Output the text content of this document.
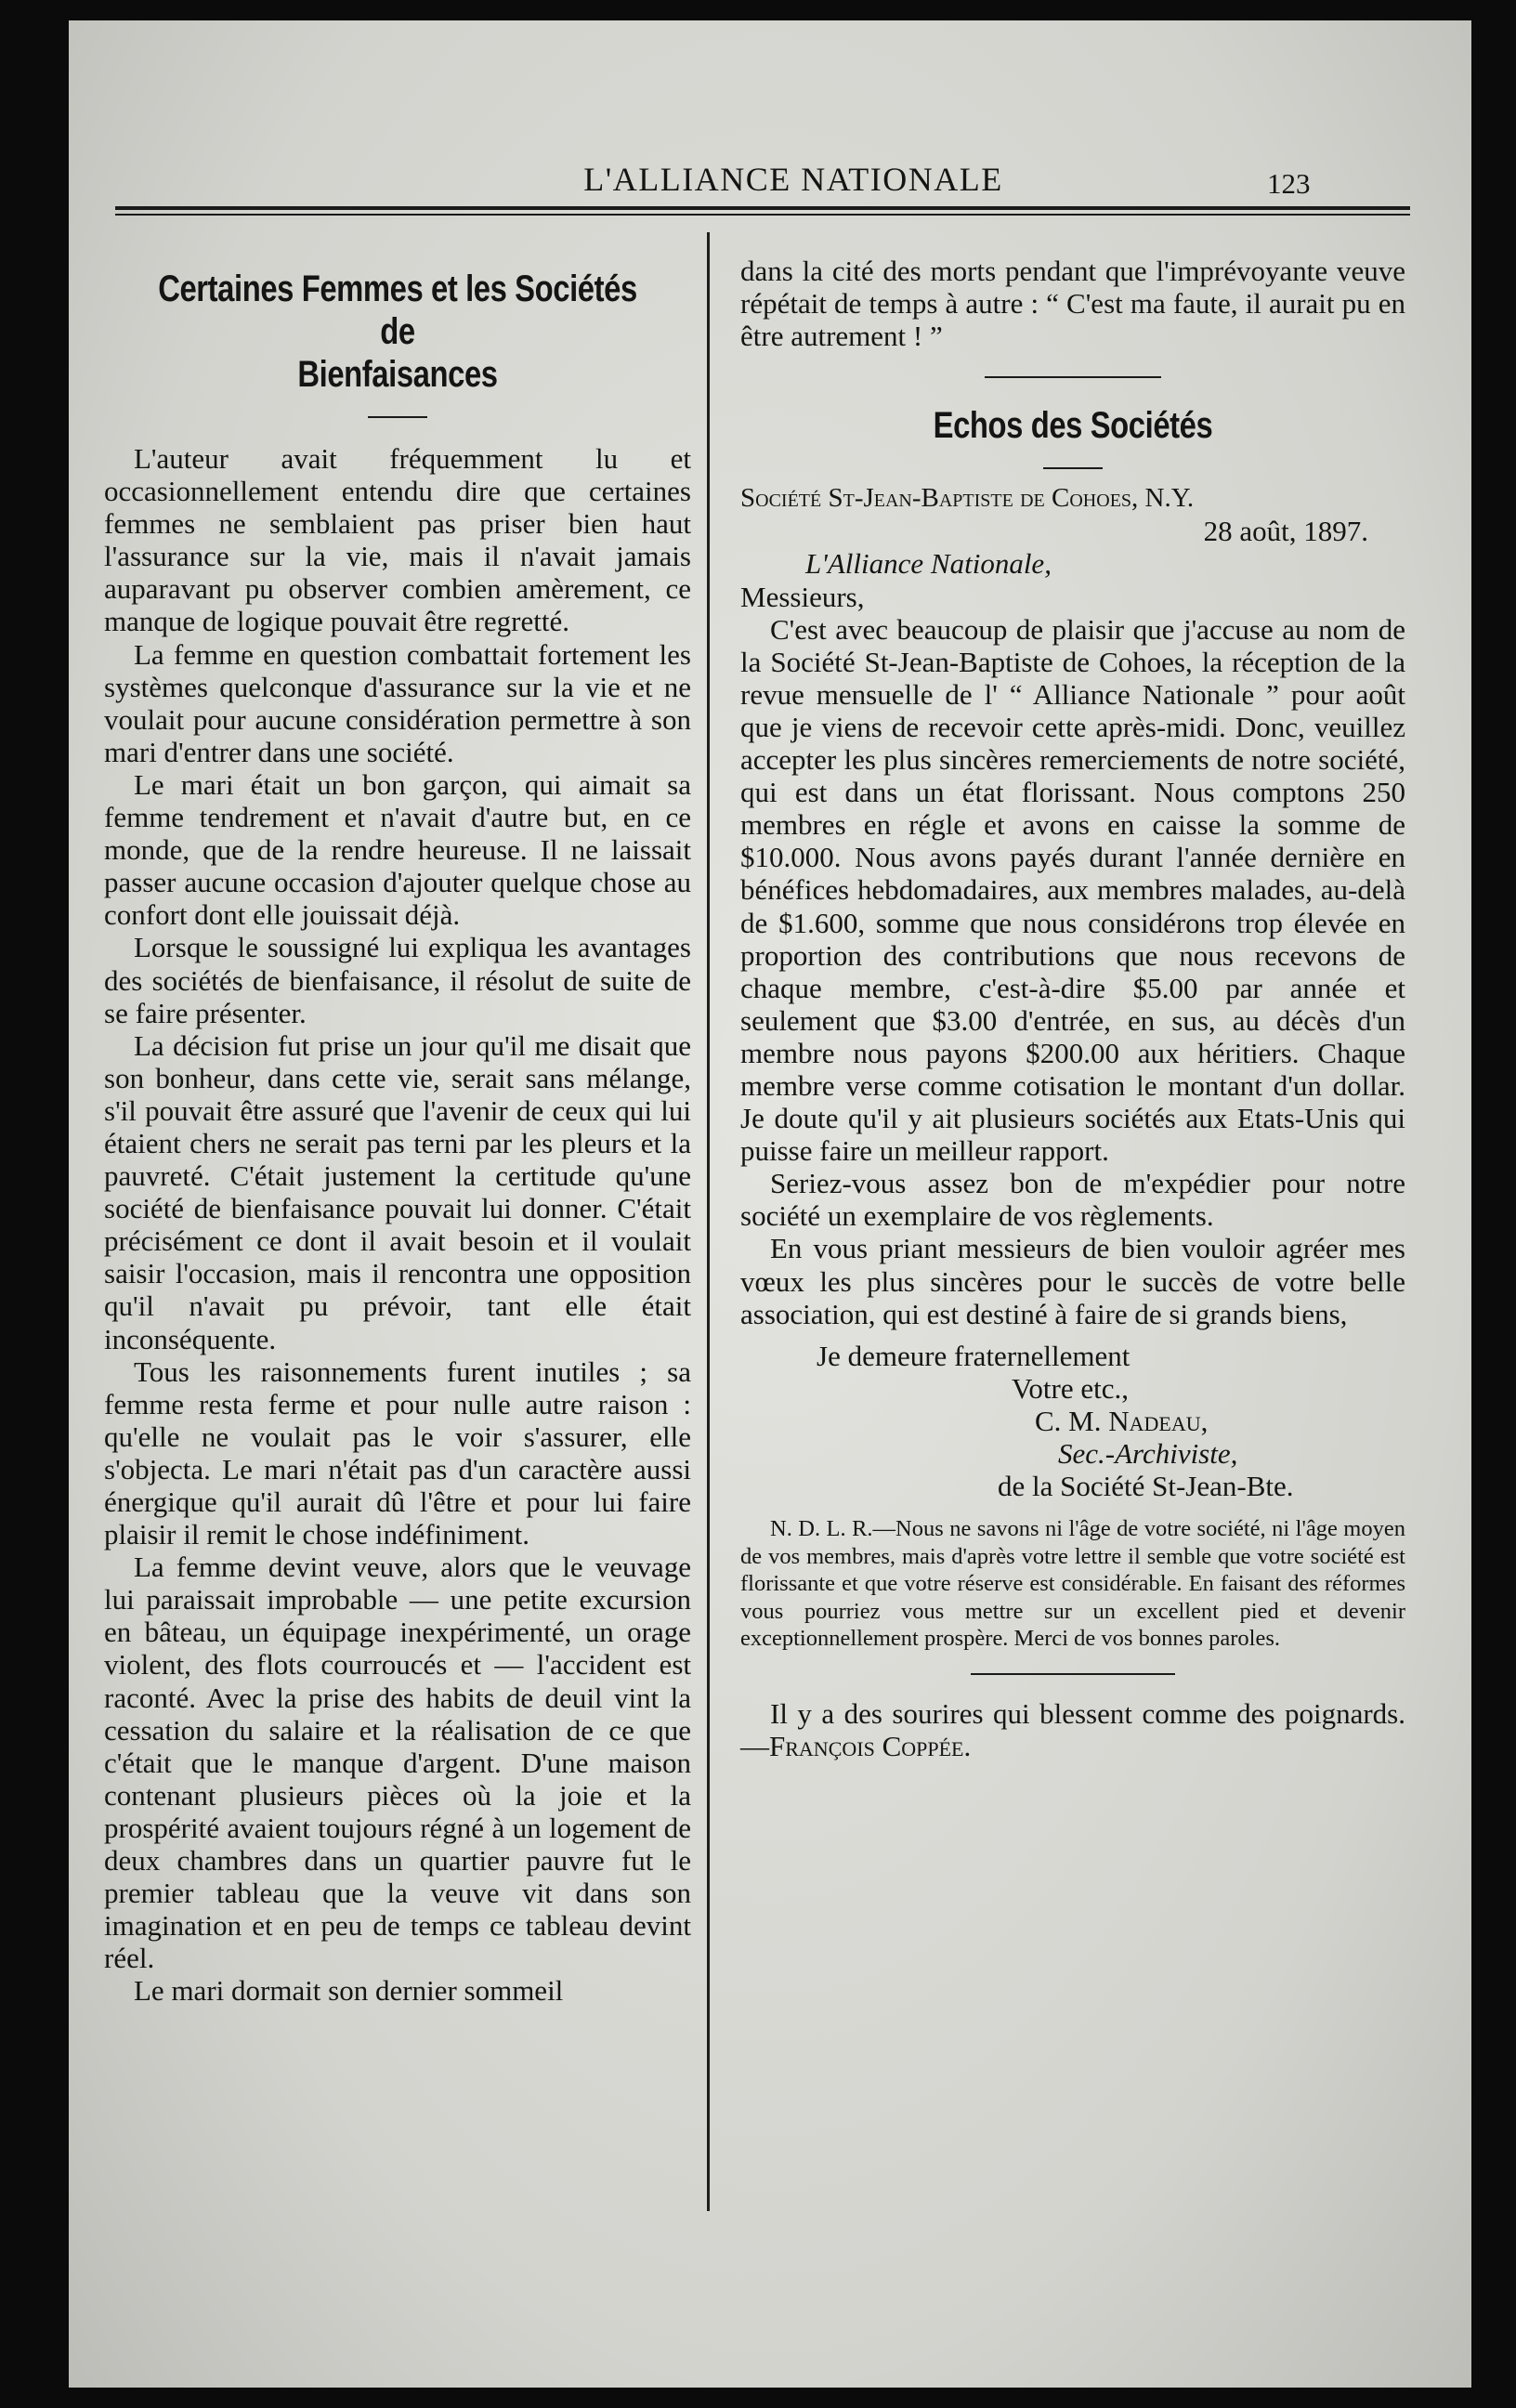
L'ALLIANCE NATIONALE	123
Certaines Femmes et les Sociétés de
Bienfaisances

L'auteur avait fréquemment lu et occasionnellement entendu dire que certaines femmes ne semblaient pas priser bien haut l'assurance sur la vie, mais il n'avait jamais auparavant pu observer combien amèrement, ce manque de logique pouvait être regretté.

La femme en question combattait fortement les systèmes quelconque d'assurance sur la vie et ne voulait pour aucune considération permettre à son mari d'entrer dans une société.

Le mari était un bon garçon, qui aimait sa femme tendrement et n'avait d'autre but, en ce monde, que de la rendre heureuse. Il ne laissait passer aucune occasion d'ajouter quelque chose au confort dont elle jouissait déjà.

Lorsque le soussigné lui expliqua les avantages des sociétés de bienfaisance, il résolut de suite de se faire présenter.

La décision fut prise un jour qu'il me disait que son bonheur, dans cette vie, serait sans mélange, s'il pouvait être assuré que l'avenir de ceux qui lui étaient chers ne serait pas terni par les pleurs et la pauvreté. C'était justement la certitude qu'une société de bienfaisance pouvait lui donner. C'était précisément ce dont il avait besoin et il voulait saisir l'occasion, mais il rencontra une opposition qu'il n'avait pu prévoir, tant elle était inconséquente.

Tous les raisonnements furent inutiles ; sa femme resta ferme et pour nulle autre raison : qu'elle ne voulait pas le voir s'assurer, elle s'objecta. Le mari n'était pas d'un caractère aussi énergique qu'il aurait dû l'être et pour lui faire plaisir il remit le chose indéfiniment.

La femme devint veuve, alors que le veuvage lui paraissait improbable — une petite excursion en bâteau, un équipage inexpérimenté, un orage violent, des flots courroucés et — l'accident est raconté. Avec la prise des habits de deuil vint la cessation du salaire et la réalisation de ce que c'était que le manque d'argent. D'une maison contenant plusieurs pièces où la joie et la prospérité avaient toujours régné à un logement de deux chambres dans un quartier pauvre fut le premier tableau que la veuve vit dans son imagination et en peu de temps ce tableau devint réel.

Le mari dormait son dernier sommeil

dans la cité des morts pendant que l'imprévoyante veuve répétait de temps à autre : “ C'est ma faute, il aurait pu en être autrement ! ”

Echos des Sociétés

Société St-Jean-Baptiste de Cohoes, N.Y.

28 août, 1897.

L'Alliance Nationale,

Messieurs,

C'est avec beaucoup de plaisir que j'accuse au nom de la Société St-Jean-Baptiste de Cohoes, la réception de la revue mensuelle de l' “ Alliance Nationale ” pour août que je viens de recevoir cette après-midi. Donc, veuillez accepter les plus sincères remerciements de notre société, qui est dans un état florissant. Nous comptons 250 membres en régle et avons en caisse la somme de $10.000. Nous avons payés durant l'année dernière en bénéfices hebdomadaires, aux membres malades, au-delà de $1.600, somme que nous considérons trop élevée en proportion des contributions que nous recevons de chaque membre, c'est-à-dire $5.00 par année et seulement que $3.00 d'entrée, en sus, au décès d'un membre nous payons $200.00 aux héritiers. Chaque membre verse comme cotisation le montant d'un dollar. Je doute qu'il y ait plusieurs sociétés aux Etats-Unis qui puisse faire un meilleur rapport.

Seriez-vous assez bon de m'expédier pour notre société un exemplaire de vos règlements.

En vous priant messieurs de bien vouloir agréer mes vœux les plus sincères pour le succès de votre belle association, qui est destiné à faire de si grands biens,

Je demeure fraternellement

Votre etc.,

C. M. Nadeau,

Sec.-Archiviste,

de la Société St-Jean-Bte.

N. D. L. R.—Nous ne savons ni l'âge de votre société, ni l'âge moyen de vos membres, mais d'après votre lettre il semble que votre société est florissante et que votre réserve est considérable. En faisant des réformes vous pourriez vous mettre sur un excellent pied et devenir exceptionnellement prospère. Merci de vos bonnes paroles.

Il y a des sourires qui blessent comme des poignards.—François Coppée.
